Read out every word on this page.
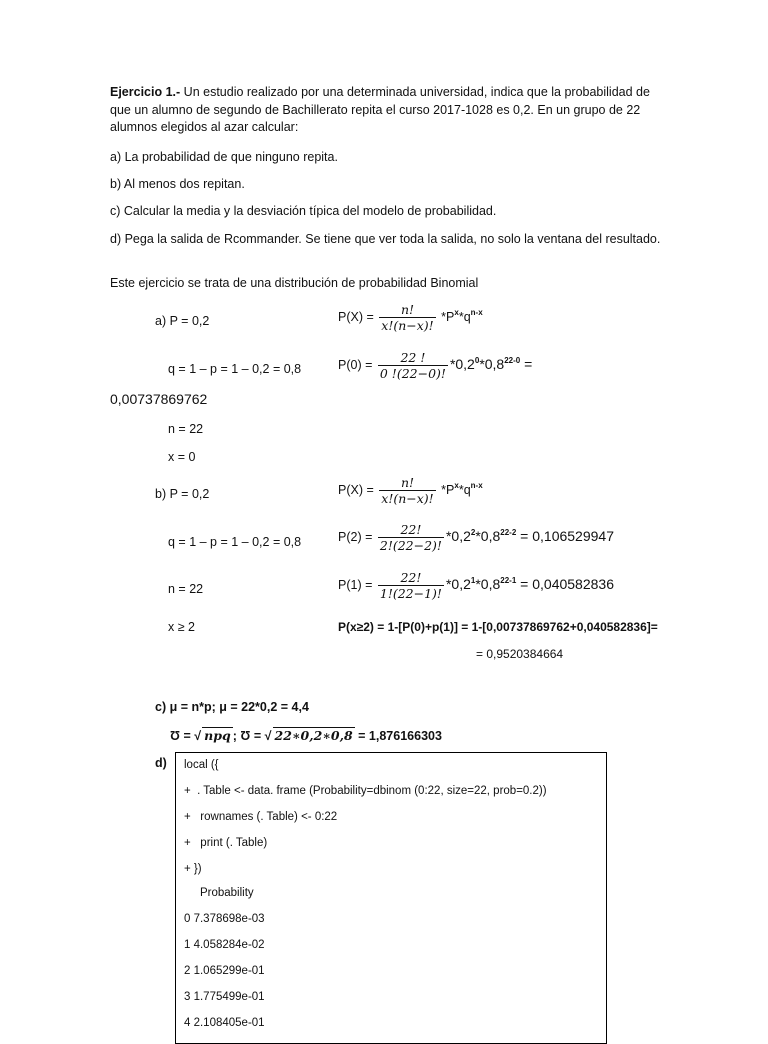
Ejercicio 1.- Un estudio realizado por una determinada universidad, indica que la probabilidad de que un alumno de segundo de Bachillerato repita el curso 2017-1028 es 0,2. En un grupo de 22 alumnos elegidos al azar calcular:
a) La probabilidad de que ninguno repita.
b) Al menos dos repitan.
c) Calcular la media y la desviación típica del modelo de probabilidad.
d) Pega la salida de Rcommander. Se tiene que ver toda la salida, no solo la ventana del resultado.
Este ejercicio se trata de una distribución de probabilidad Binomial
a) P = 0,2	$P(X) = \frac{n!}{x!(n-x)!} *P^x*q^{n-x}$
q = 1 – p = 1 – 0,2 = 0,8	$P(0) = \frac{22 !}{0 !(22-0)!} *0,2^0*0,8^{22-0}$ =
0,00737869762
n = 22
x = 0
b) P = 0,2	$P(X) = \frac{n!}{x!(n-x)!} *P^x*q^{n-x}$
q = 1 – p = 1 – 0,2 = 0,8	$P(2) = \frac{22!}{2!(22-2)!} *0,2^2*0,8^{22-2} = 0,106529947$
n = 22	$P(1) = \frac{22!}{1!(22-1)!} *0,2^1*0,8^{22-1} = 0,040582836$
x ≥ 2	P(x≥2) = 1-[P(0)+p(1)] = 1-[0,00737869762+0,040582836]=
= 0,9520384664
c) μ = n*p; μ = 22*0,2 = 4,4
Ʊ = √ npq ; Ʊ = √ 22∗0,2∗0,8 = 1,876166303
d) local ({
+  . Table <- data. frame (Probability=dbinom (0:22, size=22, prob=0.2))
+   rownames (. Table) <- 0:22
+   print (. Table)
+ })
Probability
0 7.378698e-03
1 4.058284e-02
2 1.065299e-01
3 1.775499e-01
4 2.108405e-01
